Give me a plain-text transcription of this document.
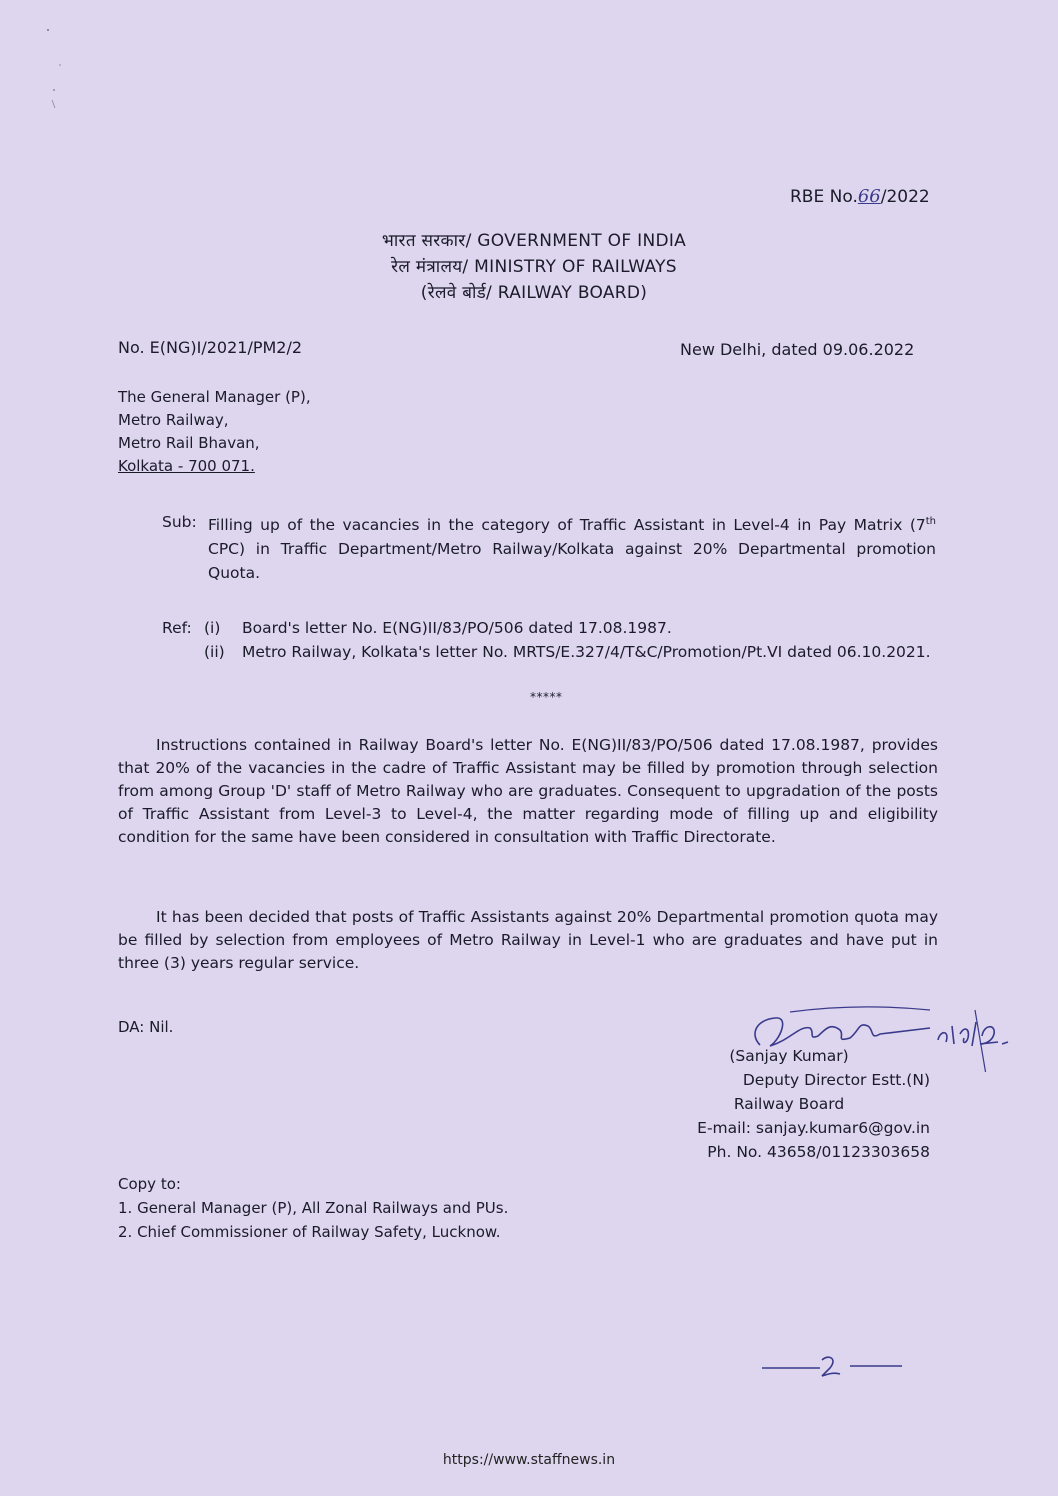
RBE No.66/2022
भारत सरकार/ GOVERNMENT OF INDIA
रेल मंत्रालय/ MINISTRY OF RAILWAYS
(रेलवे बोर्ड/ RAILWAY BOARD)
No. E(NG)I/2021/PM2/2	New Delhi, dated 09.06.2022
The General Manager (P),
Metro Railway,
Metro Rail Bhavan,
Kolkata - 700 071.
Sub: Filling up of the vacancies in the category of Traffic Assistant in Level-4 in Pay Matrix (7th CPC) in Traffic Department/Metro Railway/Kolkata against 20% Departmental promotion Quota.
Ref: (i)	Board's letter No. E(NG)II/83/PO/506 dated 17.08.1987.
(ii)	Metro Railway, Kolkata's letter No. MRTS/E.327/4/T&C/Promotion/Pt.VI dated 06.10.2021.
*****
Instructions contained in Railway Board's letter No. E(NG)II/83/PO/506 dated 17.08.1987, provides that 20% of the vacancies in the cadre of Traffic Assistant may be filled by promotion through selection from among Group 'D' staff of Metro Railway who are graduates. Consequent to upgradation of the posts of Traffic Assistant from Level-3 to Level-4, the matter regarding mode of filling up and eligibility condition for the same have been considered in consultation with Traffic Directorate.
It has been decided that posts of Traffic Assistants against 20% Departmental promotion quota may be filled by selection from employees of Metro Railway in Level-1 who are graduates and have put in three (3) years regular service.
DA: Nil.
(Sanjay Kumar)
Deputy Director Estt.(N)
Railway Board
E-mail: sanjay.kumar6@gov.in
Ph. No. 43658/01123303658
Copy to:
1. General Manager (P), All Zonal Railways and PUs.
2. Chief Commissioner of Railway Safety, Lucknow.
https://www.staffnews.in
